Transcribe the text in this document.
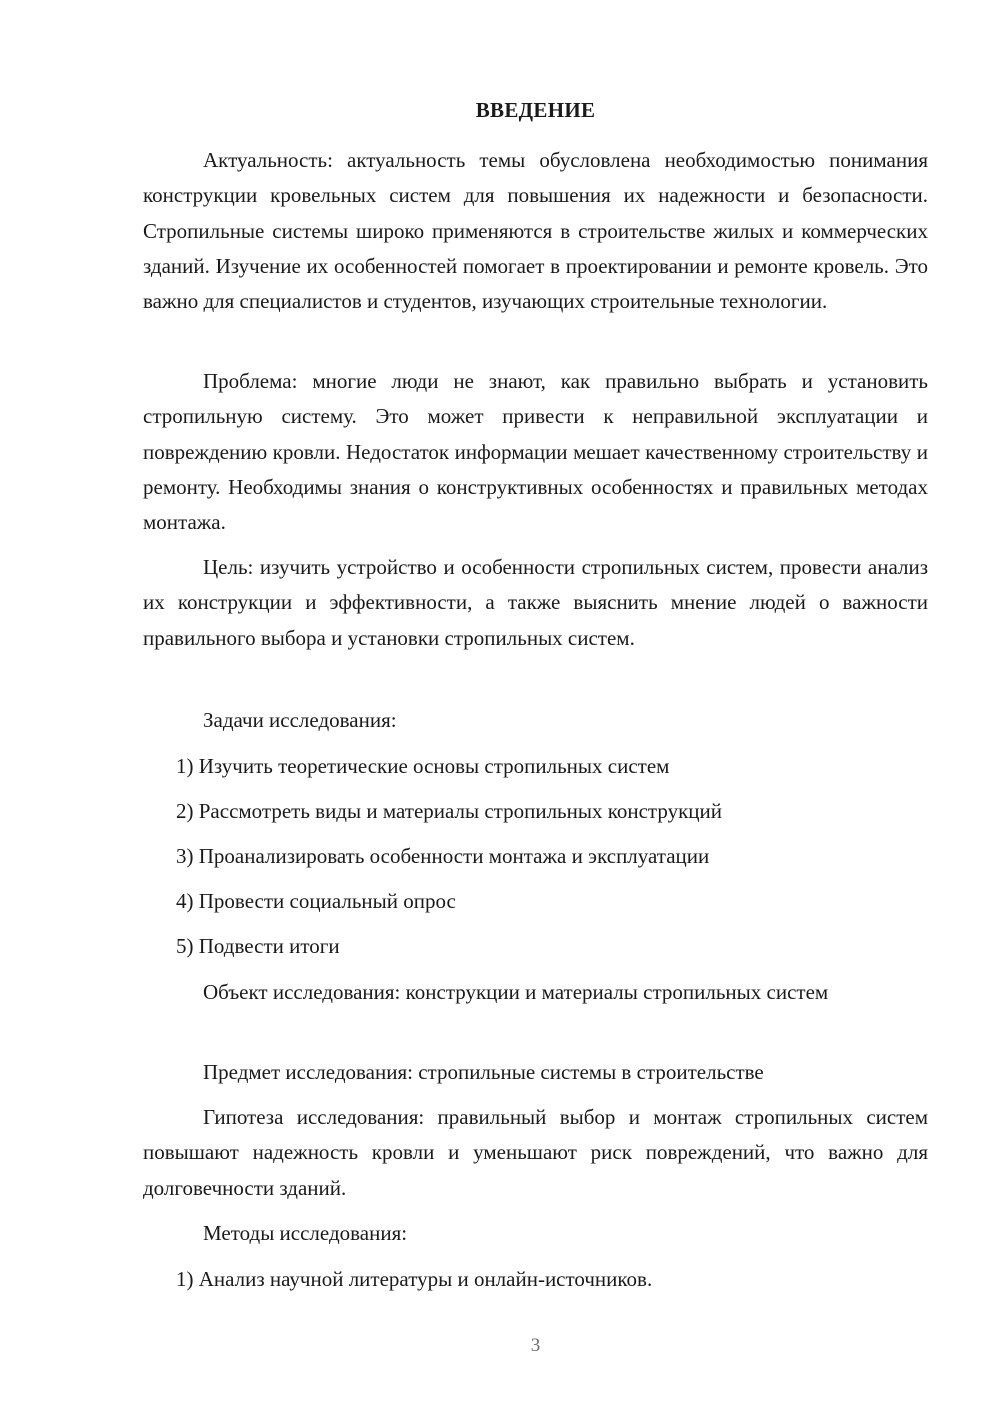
ВВЕДЕНИЕ

Актуальность: актуальность темы обусловлена необходимостью понимания конструкции кровельных систем для повышения их надежности и безопасности. Стропильные системы широко применяются в строительстве жилых и коммерческих зданий. Изучение их особенностей помогает в проектировании и ремонте кровель. Это важно для специалистов и студентов, изучающих строительные технологии.

Проблема: многие люди не знают, как правильно выбрать и установить стропильную систему. Это может привести к неправильной эксплуатации и повреждению кровли. Недостаток информации мешает качественному строительству и ремонту. Необходимы знания о конструктивных особенностях и правильных методах монтажа.

Цель: изучить устройство и особенности стропильных систем, провести анализ их конструкции и эффективности, а также выяснить мнение людей о важности правильного выбора и установки стропильных систем.

Задачи исследования:

1) Изучить теоретические основы стропильных систем

2) Рассмотреть виды и материалы стропильных конструкций

3) Проанализировать особенности монтажа и эксплуатации

4) Провести социальный опрос

5) Подвести итоги

Объект исследования: конструкции и материалы стропильных систем

Предмет исследования: стропильные системы в строительстве

Гипотеза исследования: правильный выбор и монтаж стропильных систем повышают надежность кровли и уменьшают риск повреждений, что важно для долговечности зданий.

Методы исследования:

1) Анализ научной литературы и онлайн-источников.

3
